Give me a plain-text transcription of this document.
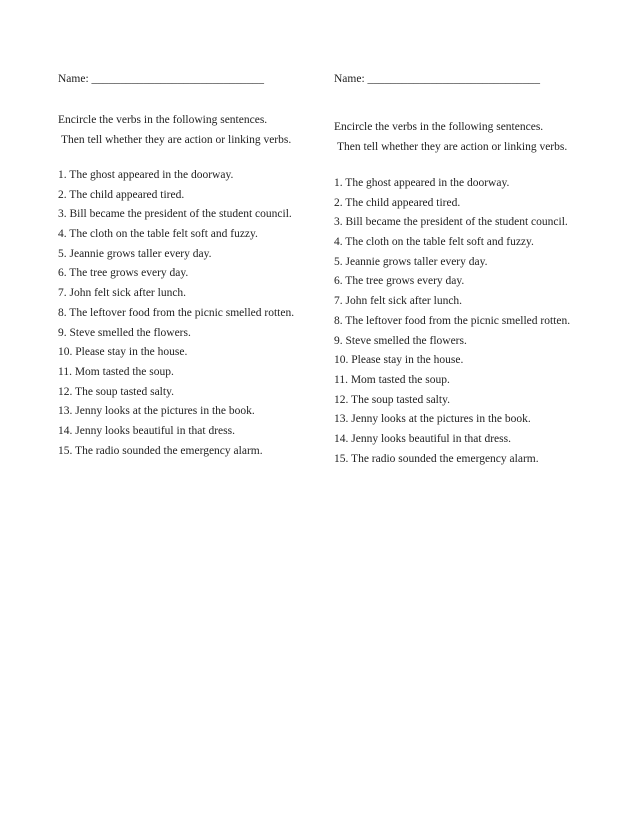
Name: ______________________________
Encircle the verbs in the following sentences.
Then tell whether they are action or linking verbs.
1. The ghost appeared in the doorway.
2. The child appeared tired.
3. Bill became the president of the student council.
4. The cloth on the table felt soft and fuzzy.
5. Jeannie grows taller every day.
6. The tree grows every day.
7. John felt sick after lunch.
8. The leftover food from the picnic smelled rotten.
9. Steve smelled the flowers.
10. Please stay in the house.
11. Mom tasted the soup.
12. The soup tasted salty.
13. Jenny looks at the pictures in the book.
14. Jenny looks beautiful in that dress.
15. The radio sounded the emergency alarm.
Name: ______________________________
Encircle the verbs in the following sentences.
Then tell whether they are action or linking verbs.
1. The ghost appeared in the doorway.
2. The child appeared tired.
3. Bill became the president of the student council.
4. The cloth on the table felt soft and fuzzy.
5. Jeannie grows taller every day.
6. The tree grows every day.
7. John felt sick after lunch.
8. The leftover food from the picnic smelled rotten.
9. Steve smelled the flowers.
10. Please stay in the house.
11. Mom tasted the soup.
12. The soup tasted salty.
13. Jenny looks at the pictures in the book.
14. Jenny looks beautiful in that dress.
15. The radio sounded the emergency alarm.
